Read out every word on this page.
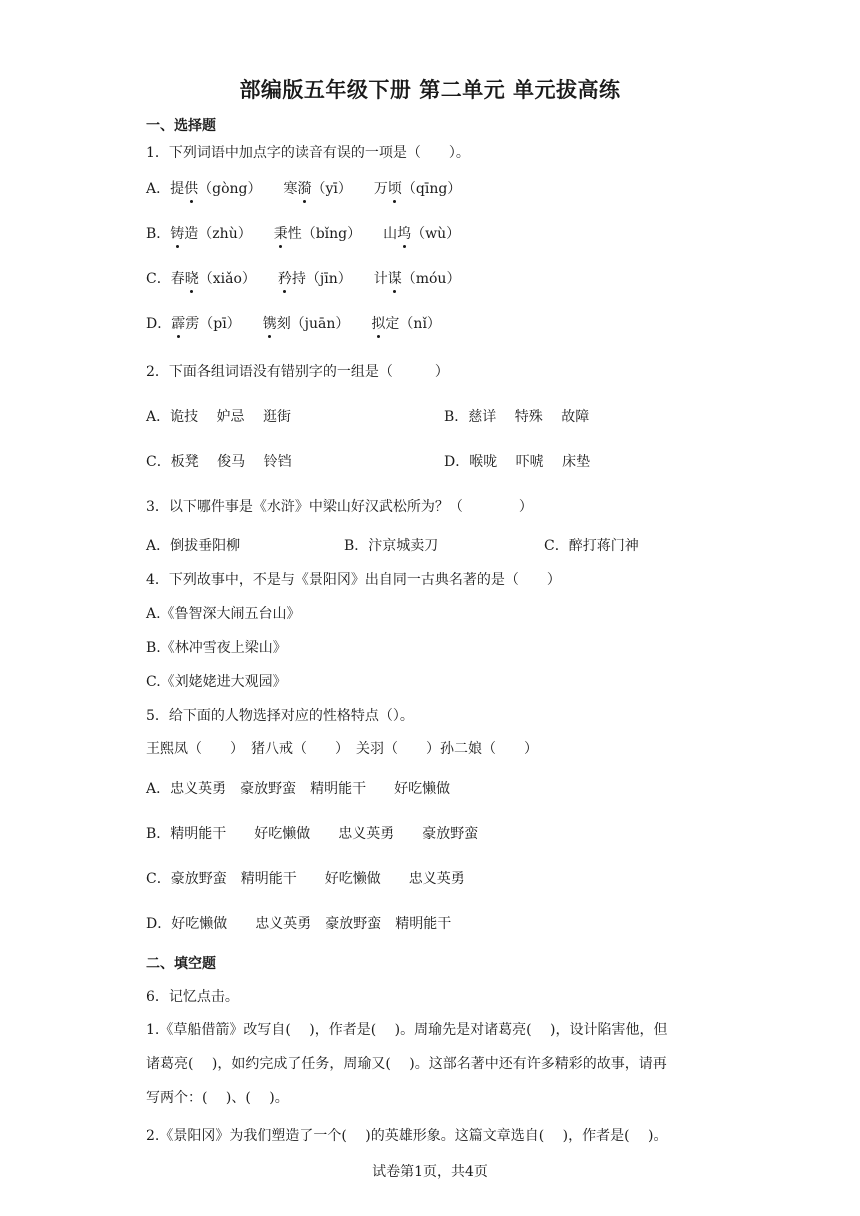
部编版五年级下册 第二单元 单元拔高练
一、选择题
1．下列词语中加点字的读音有误的一项是（　　）。
A．提供（gòng） 寒漪（yī） 万顷（qīng）
B．铸造（zhù） 秉性（bǐng） 山坞（wù）
C．春晓（xiǎo） 矜持（jīn） 计谋（móu）
D．霹雳（pī） 镌刻（juān） 拟定（nǐ）
2．下面各组词语没有错别字的一组是（　　　）
A．诡技　 妒忌　 逛街	B．慈详　 特殊　 故障
C．板凳　 俊马　 铃铛	D．喉咙　 吓唬　 床垫
3．以下哪件事是《水浒》中梁山好汉武松所为？（　　　　）
A．倒拔垂阳柳	B．汴京城卖刀	C．醉打蒋门神
4．下列故事中，不是与《景阳冈》出自同一古典名著的是（　　）
A.《鲁智深大闹五台山》
B.《林冲雪夜上梁山》
C.《刘姥姥进大观园》
5．给下面的人物选择对应的性格特点（）。
王熙凤（　　）　猪八戒（　　）　关羽（　　）孙二娘（　　）
A．忠义英勇　豪放野蛮　精明能干　　好吃懒做
B．精明能干　　好吃懒做　　忠义英勇　　豪放野蛮
C．豪放野蛮　精明能干　　好吃懒做　　忠义英勇
D．好吃懒做　　忠义英勇　豪放野蛮　精明能干
二、填空题
6．记忆点击。
1.《草船借箭》改写自(　 )，作者是(　 )。周瑜先是对诸葛亮(　 )，设计陷害他，但
诸葛亮(　 )，如约完成了任务，周瑜又(　 )。这部名著中还有许多精彩的故事，请再
写两个：(　 )、(　 )。
2.《景阳冈》为我们塑造了一个(　 )的英雄形象。这篇文章选自(　 )，作者是(　 )。
试卷第1页，共4页
